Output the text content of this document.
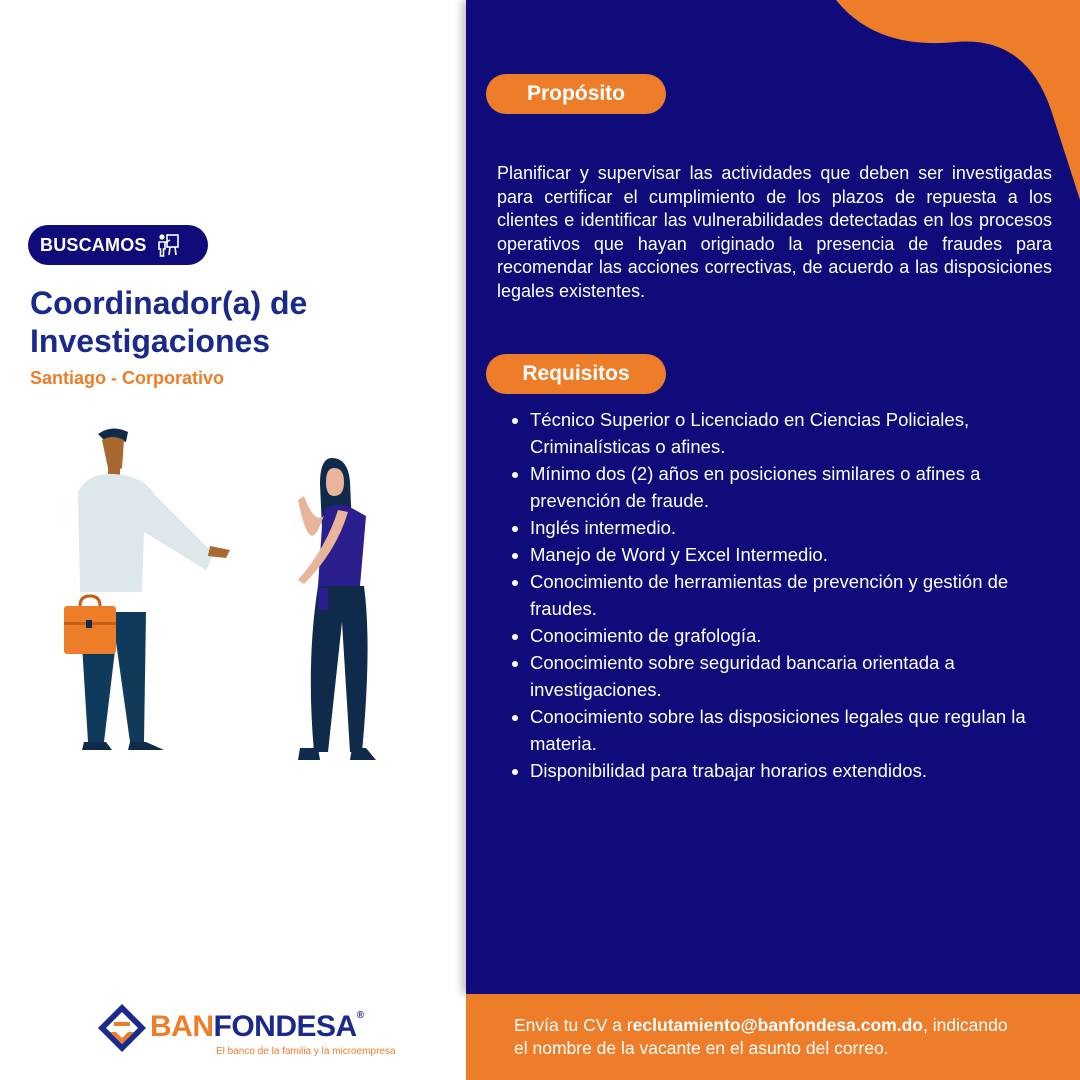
BUSCAMOS
Coordinador(a) de
Investigaciones
Santiago - Corporativo
BANFONDESA®
El banco de la familia y la microempresa
Propósito
Planificar y supervisar las actividades que deben ser investigadas para certificar el cumplimiento de los plazos de repuesta a los clientes e identificar las vulnerabilidades detectadas en los procesos operativos que hayan originado la presencia de fraudes para recomendar las acciones correctivas, de acuerdo a las disposiciones legales existentes.
Requisitos
• Técnico Superior o Licenciado en Ciencias Policiales, Criminalísticas o afines.
• Mínimo dos (2) años en posiciones similares o afines a prevención de fraude.
• Inglés intermedio.
• Manejo de Word y Excel Intermedio.
• Conocimiento de herramientas de prevención y gestión de fraudes.
• Conocimiento de grafología.
• Conocimiento sobre seguridad bancaria orientada a investigaciones.
• Conocimiento sobre las disposiciones legales que regulan la materia.
• Disponibilidad para trabajar horarios extendidos.
Envía tu CV a reclutamiento@banfondesa.com.do, indicando
el nombre de la vacante en el asunto del correo.
